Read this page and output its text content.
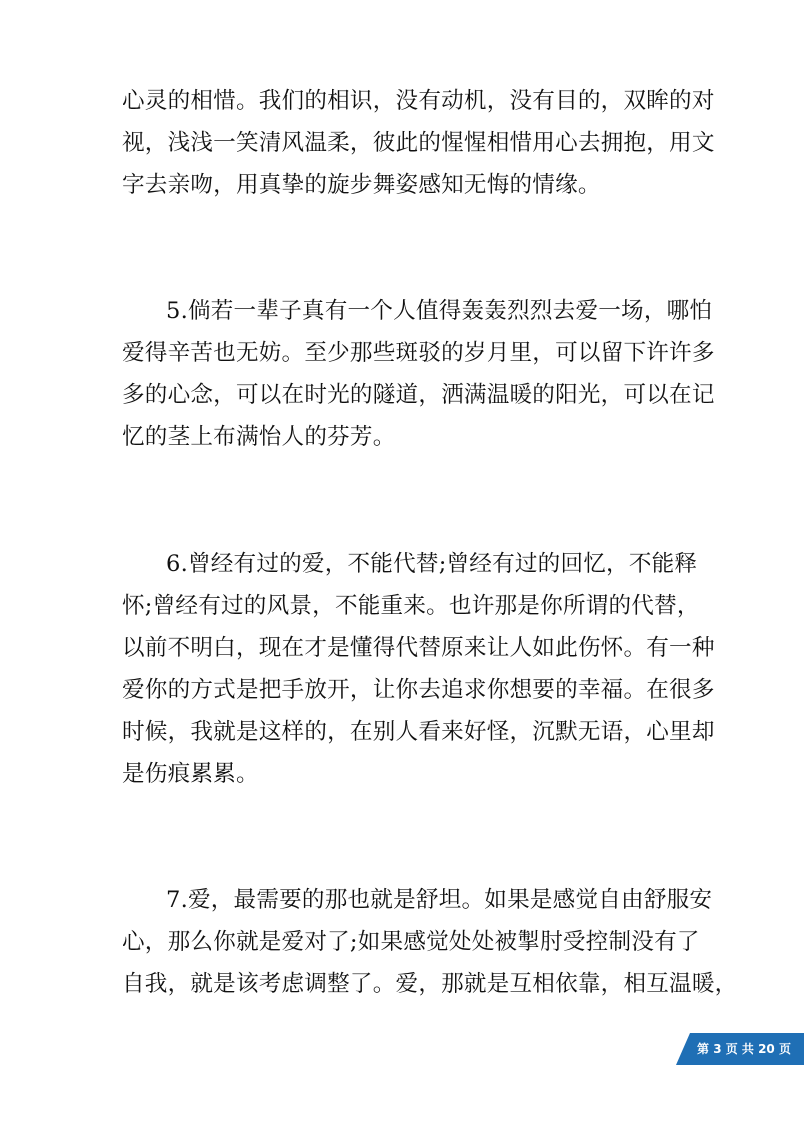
心灵的相惜。我们的相识，没有动机，没有目的，双眸的对
视，浅浅一笑清风温柔，彼此的惺惺相惜用心去拥抱，用文
字去亲吻，用真挚的旋步舞姿感知无悔的情缘。
5.倘若一辈子真有一个人值得轰轰烈烈去爱一场，哪怕
爱得辛苦也无妨。至少那些斑驳的岁月里，可以留下许许多
多的心念，可以在时光的隧道，洒满温暖的阳光，可以在记
忆的茎上布满怡人的芬芳。
6.曾经有过的爱，不能代替;曾经有过的回忆，不能释
怀;曾经有过的风景，不能重来。也许那是你所谓的代替，
以前不明白，现在才是懂得代替原来让人如此伤怀。有一种
爱你的方式是把手放开，让你去追求你想要的幸福。在很多
时候，我就是这样的，在别人看来好怪，沉默无语，心里却
是伤痕累累。
7.爱，最需要的那也就是舒坦。如果是感觉自由舒服安
心，那么你就是爱对了;如果感觉处处被掣肘受控制没有了
自我，就是该考虑调整了。爱，那就是互相依靠，相互温暖，
第 3 页 共 20 页
